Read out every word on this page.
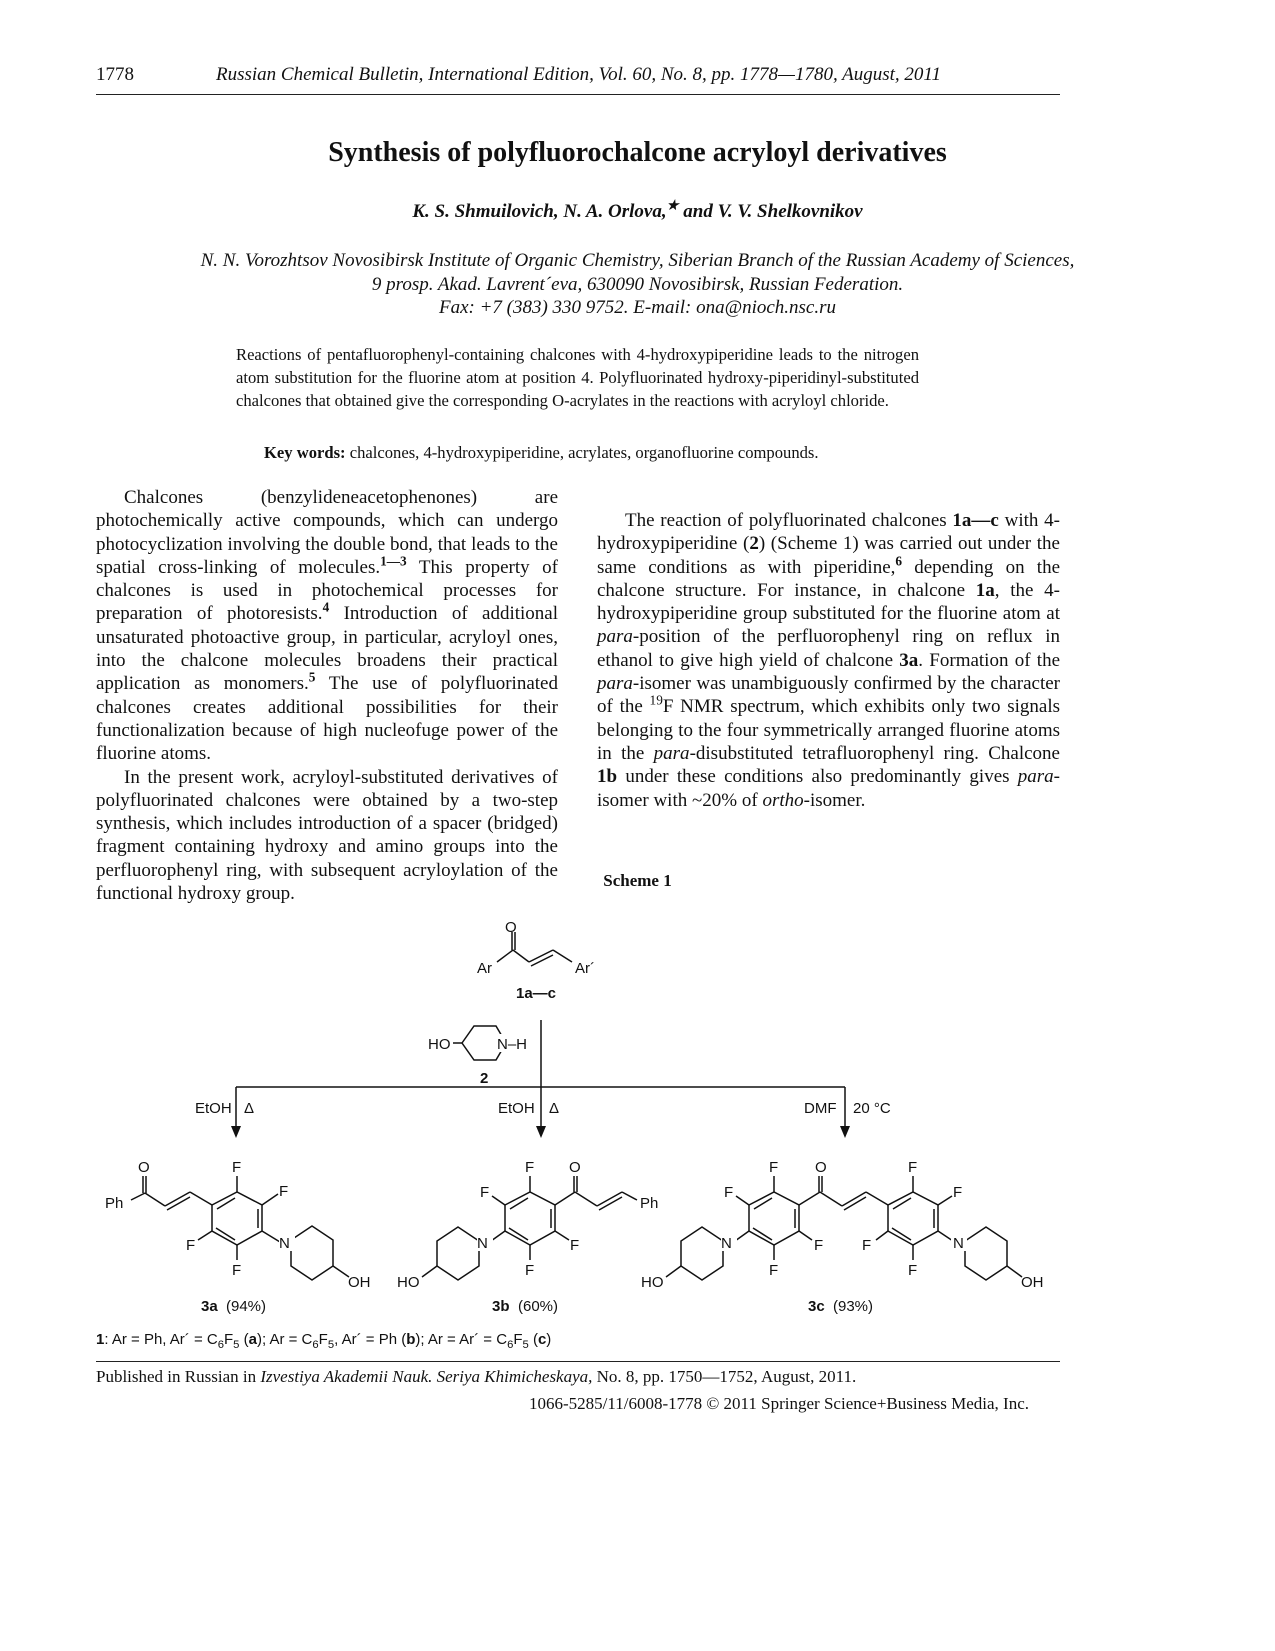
1778	Russian Chemical Bulletin, International Edition, Vol. 60, No. 8, pp. 1778—1780, August, 2011
Synthesis of polyfluorochalcone acryloyl derivatives
K. S. Shmuilovich, N. A. Orlova,★ and V. V. Shelkovnikov
N. N. Vorozhtsov Novosibirsk Institute of Organic Chemistry, Siberian Branch of the Russian Academy of Sciences,
9 prosp. Akad. Lavrent´eva, 630090 Novosibirsk, Russian Federation.
Fax: +7 (383) 330 9752. E-mail: ona@nioch.nsc.ru
Reactions of pentafluorophenyl-containing chalcones with 4-hydroxypiperidine leads to the nitrogen atom substitution for the fluorine atom at position 4. Polyfluorinated hydroxy-piperidinyl-substituted chalcones that obtained give the corresponding O-acrylates in the reactions with acryloyl chloride.
Key words: chalcones, 4-hydroxypiperidine, acrylates, organofluorine compounds.

Chalcones (benzylideneacetophenones) are photochemically active compounds, which can undergo photocyclization involving the double bond, that leads to the spatial cross-linking of molecules.$^{1—3}$ This property of chalcones is used in photochemical processes for preparation of photoresists.$^4$ Introduction of additional unsaturated photoactive group, in particular, acryloyl ones, into the chalcone molecules broadens their practical application as monomers.$^5$ The use of polyfluorinated chalcones creates additional possibilities for their functionalization because of high nucleofuge power of the fluorine atoms.

In the present work, acryloyl-substituted derivatives of polyfluorinated chalcones were obtained by a two-step synthesis, which includes introduction of a spacer (bridged) fragment containing hydroxy and amino groups into the perfluorophenyl ring, with subsequent acryloylation of the functional hydroxy group.

The reaction of polyfluorinated chalcones 1a—c with 4-hydroxypiperidine (2) (Scheme 1) was carried out under the same conditions as with piperidine,$^6$ depending on the chalcone structure. For instance, in chalcone 1a, the 4-hydroxypiperidine group substituted for the fluorine atom at para-position of the perfluorophenyl ring on reflux in ethanol to give high yield of chalcone 3a. Formation of the para-isomer was unambiguously confirmed by the character of the $^{19}$F NMR spectrum, which exhibits only two signals belonging to the four symmetrically arranged fluorine atoms in the para-disubstituted tetrafluorophenyl ring. Chalcone 1b under these conditions also predominantly gives para-isomer with ~20% of ortho-isomer.

Scheme 1
O
Ar	Ar´
1a—c
HO	N–H
2
EtOH Δ	EtOH Δ	DMF 20 °C
O
Ph
F
F
F
F
N
OH
3a (94%)
F
F
O
Ph
F
F
N
HO
3b (60%)
F
F
O
F
F
N
HO
F
F
F
F
N
OH
3c (93%)
1: Ar = Ph, Ar´ = $C_6F_5$ (a); $Ar = C_6F_5$, Ar´ = Ph (b); Ar = Ar´ = $C_6F_5$ (c)
Published in Russian in Izvestiya Akademii Nauk. Seriya Khimicheskaya, No. 8, pp. 1750—1752, August, 2011.
1066-5285/11/6008-1778 © 2011 Springer Science+Business Media, Inc.
